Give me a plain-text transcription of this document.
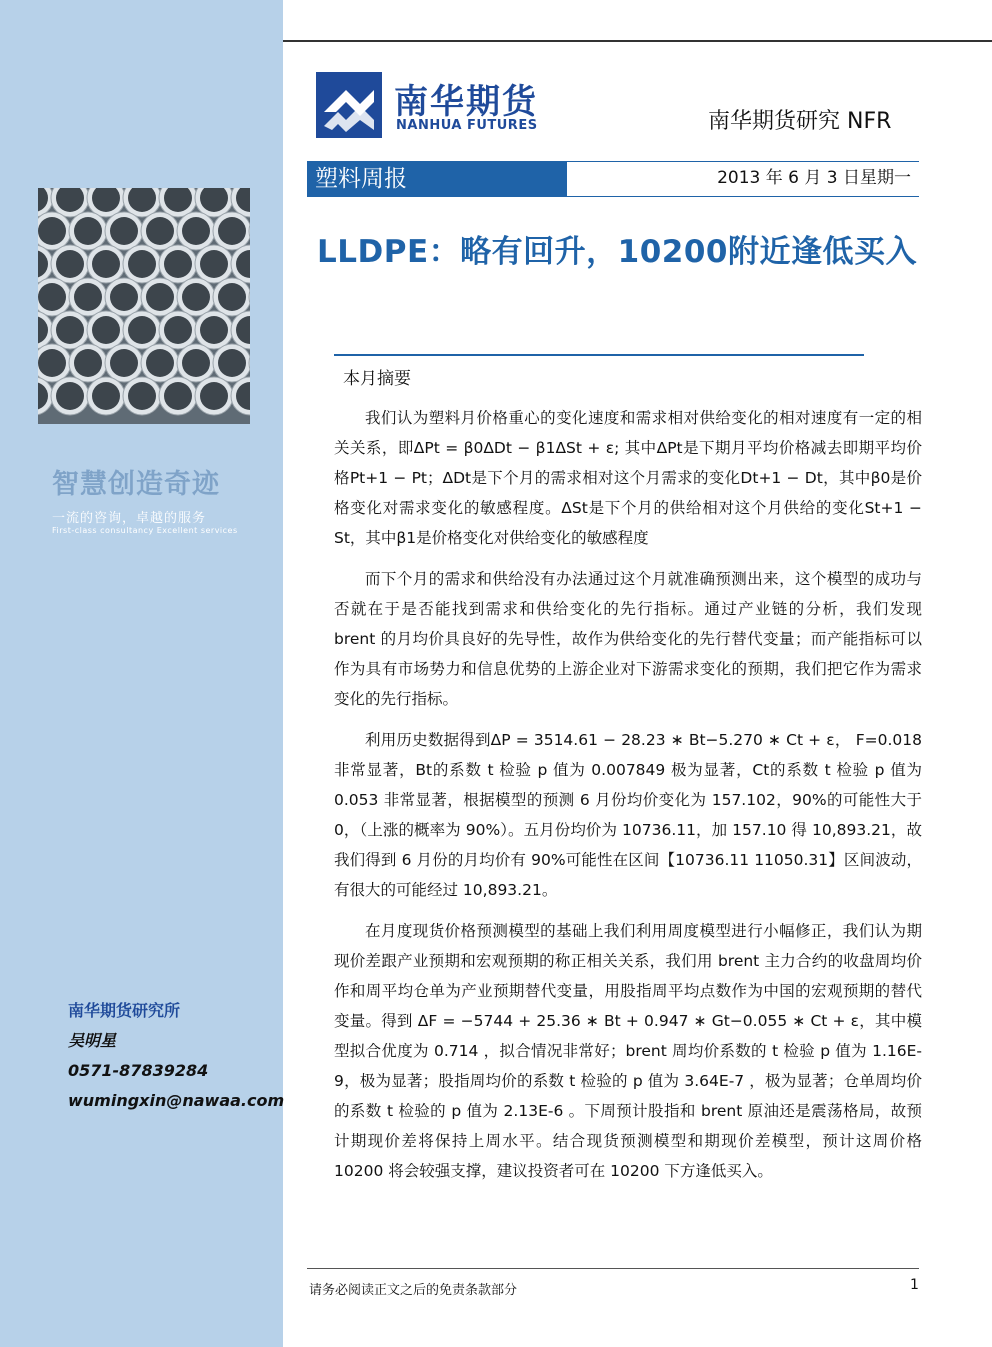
智慧创造奇迹
一流的咨询，卓越的服务
First-class consultancy Excellent services
南华期货研究所
吴明星
0571-87839284
wumingxin@nawaa.com
南华期货
NANHUA FUTURES	南华期货研究 NFR
塑料周报	2013 年 6 月 3 日星期一
LLDPE：略有回升，10200附近逢低买入
本月摘要

我们认为塑料月价格重心的变化速度和需求相对供给变化的相对速度有一定的相关关系，即ΔPt = β0ΔDt − β1ΔSt + ε; 其中ΔPt是下期月平均价格减去即期平均价格Pt+1 − Pt；ΔDt是下个月的需求相对这个月需求的变化Dt+1 − Dt，其中β0是价格变化对需求变化的敏感程度。ΔSt是下个月的供给相对这个月供给的变化St+1 − St，其中β1是价格变化对供给变化的敏感程度

而下个月的需求和供给没有办法通过这个月就准确预测出来，这个模型的成功与否就在于是否能找到需求和供给变化的先行指标。通过产业链的分析，我们发现 brent 的月均价具良好的先导性，故作为供给变化的先行替代变量；而产能指标可以作为具有市场势力和信息优势的上游企业对下游需求变化的预期，我们把它作为需求变化的先行指标。

利用历史数据得到ΔP = 3514.61 − 28.23 ∗ Bt−5.270 ∗ Ct + ε， F=0.018 非常显著，Bt的系数 t 检验 p 值为 0.007849 极为显著，Ct的系数 t 检验 p 值为 0.053 非常显著，根据模型的预测 6 月份均价变化为 157.102，90%的可能性大于 0，（上涨的概率为 90%）。五月份均价为 10736.11，加 157.10 得 10,893.21，故我们得到 6 月份的月均价有 90%可能性在区间【10736.11 11050.31】区间波动，有很大的可能经过 10,893.21。

在月度现货价格预测模型的基础上我们利用周度模型进行小幅修正，我们认为期现价差跟产业预期和宏观预期的称正相关关系，我们用 brent 主力合约的收盘周均价作和周平均仓单为产业预期替代变量，用股指周平均点数作为中国的宏观预期的替代变量。得到 ΔF = −5744 + 25.36 ∗ Bt + 0.947 ∗ Gt−0.055 ∗ Ct + ε，其中模型拟合优度为 0.714 ，拟合情况非常好；brent 周均价系数的 t 检验 p 值为 1.16E-9，极为显著；股指周均价的系数 t 检验的 p 值为 3.64E-7 ，极为显著；仓单周均价的系数 t 检验的 p 值为 2.13E-6 。下周预计股指和 brent 原油还是震荡格局，故预计期现价差将保持上周水平。结合现货预测模型和期现价差模型，预计这周价格 10200 将会较强支撑，建议投资者可在 10200 下方逢低买入。

请务必阅读正文之后的免责条款部分	1
